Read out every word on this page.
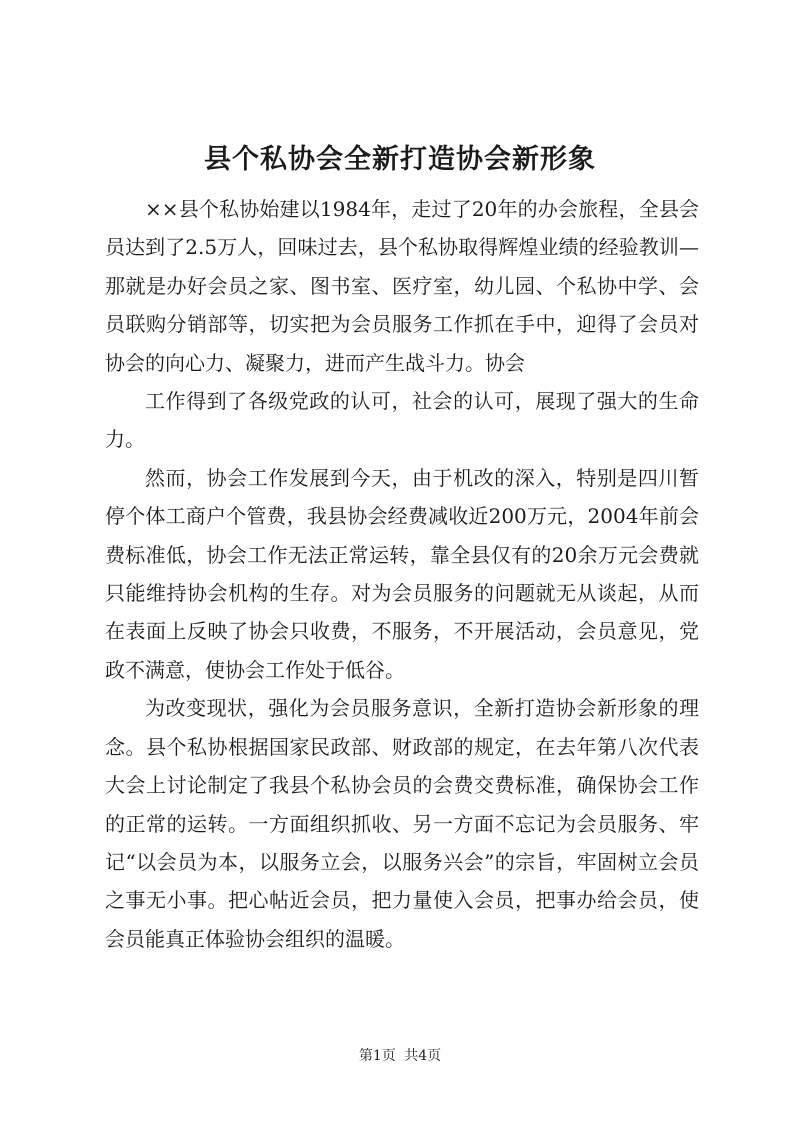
县个私协会全新打造协会新形象

××县个私协始建以1984年，走过了20年的办会旅程，全县会员达到了2.5万人，回味过去，县个私协取得辉煌业绩的经验教训—那就是办好会员之家、图书室、医疗室，幼儿园、个私协中学、会员联购分销部等，切实把为会员服务工作抓在手中，迎得了会员对协会的向心力、凝聚力，进而产生战斗力。协会

工作得到了各级党政的认可，社会的认可，展现了强大的生命力。

然而，协会工作发展到今天，由于机改的深入，特别是四川暂停个体工商户个管费，我县协会经费减收近200万元，2004年前会费标准低，协会工作无法正常运转，靠全县仅有的20余万元会费就只能维持协会机构的生存。对为会员服务的问题就无从谈起，从而在表面上反映了协会只收费，不服务，不开展活动，会员意见，党政不满意，使协会工作处于低谷。

为改变现状，强化为会员服务意识，全新打造协会新形象的理念。县个私协根据国家民政部、财政部的规定，在去年第八次代表大会上讨论制定了我县个私协会员的会费交费标准，确保协会工作的正常的运转。一方面组织抓收、另一方面不忘记为会员服务、牢记“以会员为本，以服务立会，以服务兴会”的宗旨，牢固树立会员之事无小事。把心帖近会员，把力量使入会员，把事办给会员，使会员能真正体验协会组织的温暖。

第1页 共4页
